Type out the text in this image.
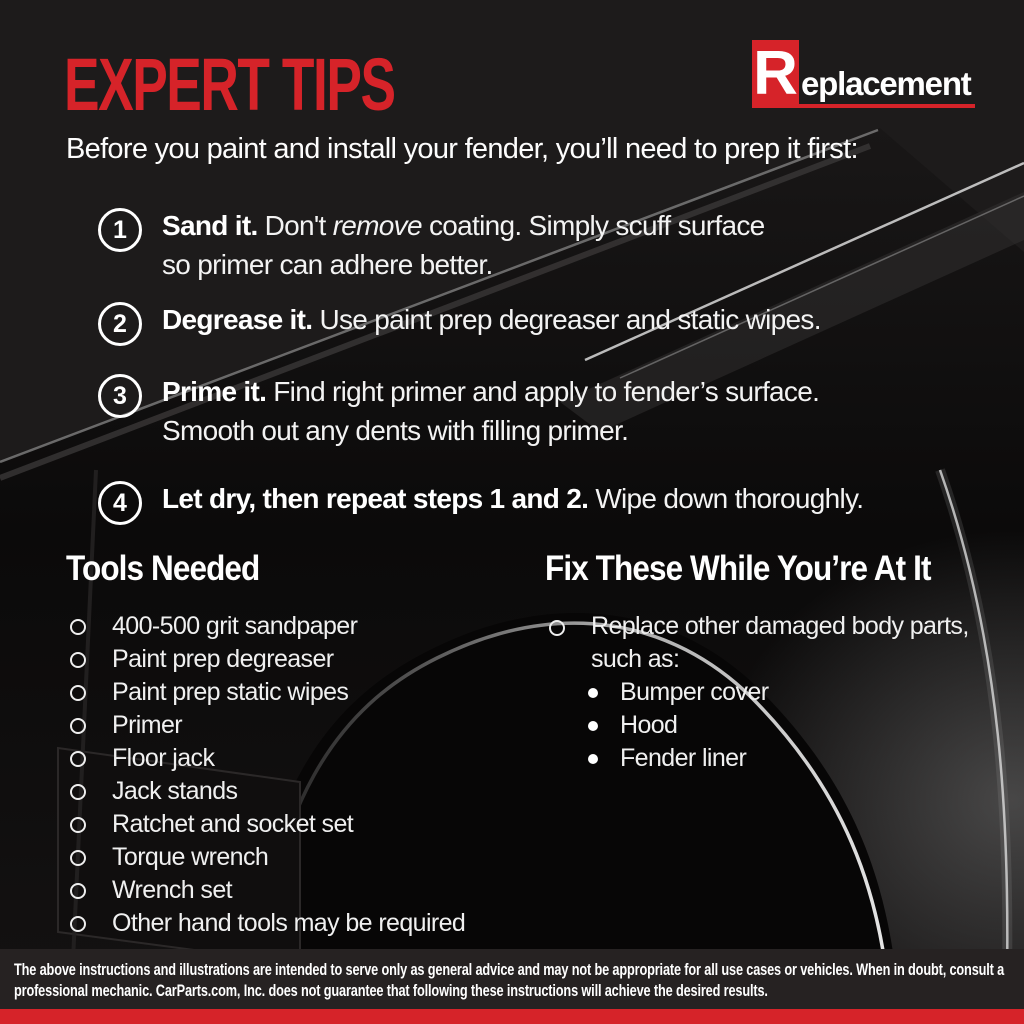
EXPERT TIPS	R eplacement
Before you paint and install your fender, you’ll need to prep it first:
1 Sand it. Don't remove coating. Simply scuff surface
so primer can adhere better.
2 Degrease it. Use paint prep degreaser and static wipes.
3 Prime it. Find right primer and apply to fender’s surface.
Smooth out any dents with filling primer.
4 Let dry, then repeat steps 1 and 2. Wipe down thoroughly.
Tools Needed	Fix These While You’re At It
400-500 grit sandpaper
Paint prep degreaser
Paint prep static wipes
Primer
Floor jack
Jack stands
Ratchet and socket set
Torque wrench
Wrench set
Other hand tools may be required
Replace other damaged body parts,
such as:
Bumper cover
Hood
Fender liner
The above instructions and illustrations are intended to serve only as general advice and may not be appropriate for all use cases or vehicles. When in doubt, consult a
professional mechanic. CarParts.com, Inc. does not guarantee that following these instructions will achieve the desired results.
